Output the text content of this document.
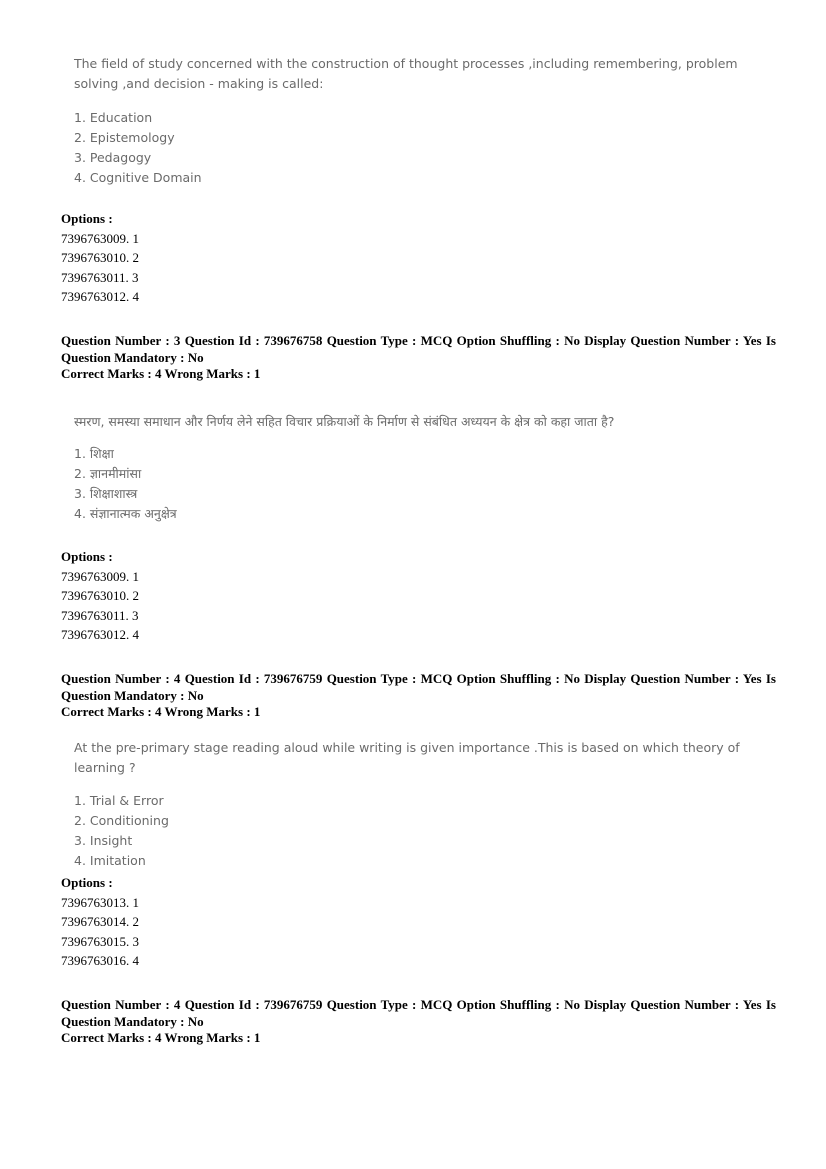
The field of study concerned with the construction of thought processes ,including remembering, problem solving ,and decision - making is called:

1. Education
2. Epistemology
3. Pedagogy
4. Cognitive Domain
Options :
7396763009. 1
7396763010. 2
7396763011. 3
7396763012. 4
Question Number : 3 Question Id : 739676758 Question Type : MCQ Option Shuffling : No Display Question Number : Yes Is
Question Mandatory : No
Correct Marks : 4 Wrong Marks : 1

स्मरण, समस्या समाधान और निर्णय लेने सहित विचार प्रक्रियाओं के निर्माण से संबंधित अध्ययन के क्षेत्र को कहा जाता है?

1. शिक्षा
2. ज्ञानमीमांसा
3. शिक्षाशास्त्र
4. संज्ञानात्मक अनुक्षेत्र
Options :
7396763009. 1
7396763010. 2
7396763011. 3
7396763012. 4
Question Number : 4 Question Id : 739676759 Question Type : MCQ Option Shuffling : No Display Question Number : Yes Is
Question Mandatory : No
Correct Marks : 4 Wrong Marks : 1

At the pre-primary stage reading aloud while writing is given importance .This is based on which theory of learning ?

1. Trial & Error
2. Conditioning
3. Insight
4. Imitation
Options :
7396763013. 1
7396763014. 2
7396763015. 3
7396763016. 4
Question Number : 4 Question Id : 739676759 Question Type : MCQ Option Shuffling : No Display Question Number : Yes Is
Question Mandatory : No
Correct Marks : 4 Wrong Marks : 1
